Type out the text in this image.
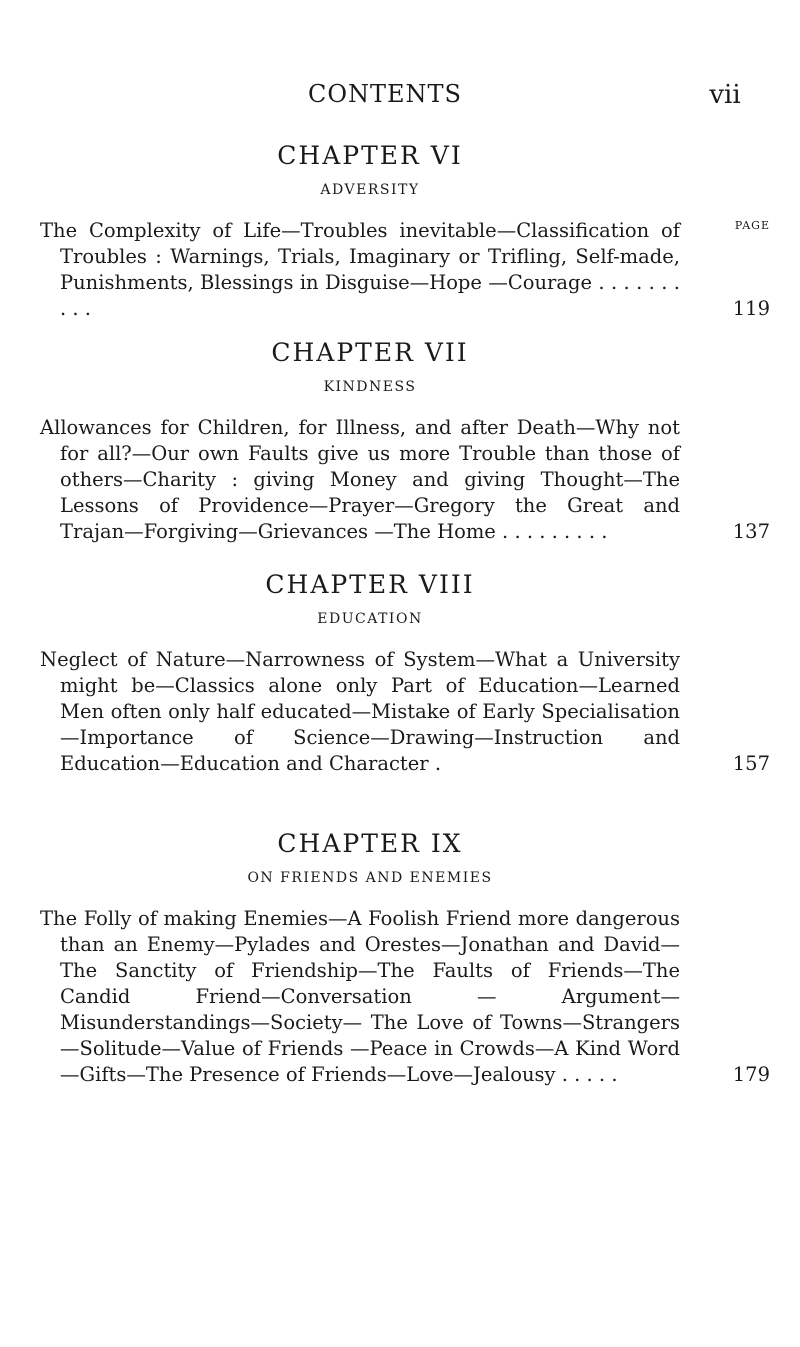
CONTENTS	vii
CHAPTER VI

ADVERSITY

PAGE
The Complexity of Life—Troubles inevitable—Classification of Troubles : Warnings, Trials, Imaginary or Trifling, Self-made, Punishments, Blessings in Disguise—Hope —Courage . . . . . . . . . .	119
CHAPTER VII

KINDNESS

Allowances for Children, for Illness, and after Death—Why not for all?—Our own Faults give us more Trouble than those of others—Charity : giving Money and giving Thought—The Lessons of Providence—Prayer—Gregory the Great and Trajan—Forgiving—Grievances —The Home . . . . . . . . .	137
CHAPTER VIII

EDUCATION

Neglect of Nature—Narrowness of System—What a University might be—Classics alone only Part of Education—Learned Men often only half educated—Mistake of Early Specialisation—Importance of Science—Drawing—Instruction and Education—Education and Character .	157
CHAPTER IX

ON FRIENDS AND ENEMIES

The Folly of making Enemies—A Foolish Friend more dangerous than an Enemy—Pylades and Orestes—Jonathan and David—The Sanctity of Friendship—The Faults of Friends—The Candid Friend—Conversation — Argument—Misunderstandings—Society— The Love of Towns—Strangers—Solitude—Value of Friends —Peace in Crowds—A Kind Word—Gifts—The Presence of Friends—Love—Jealousy . . . . .	179
